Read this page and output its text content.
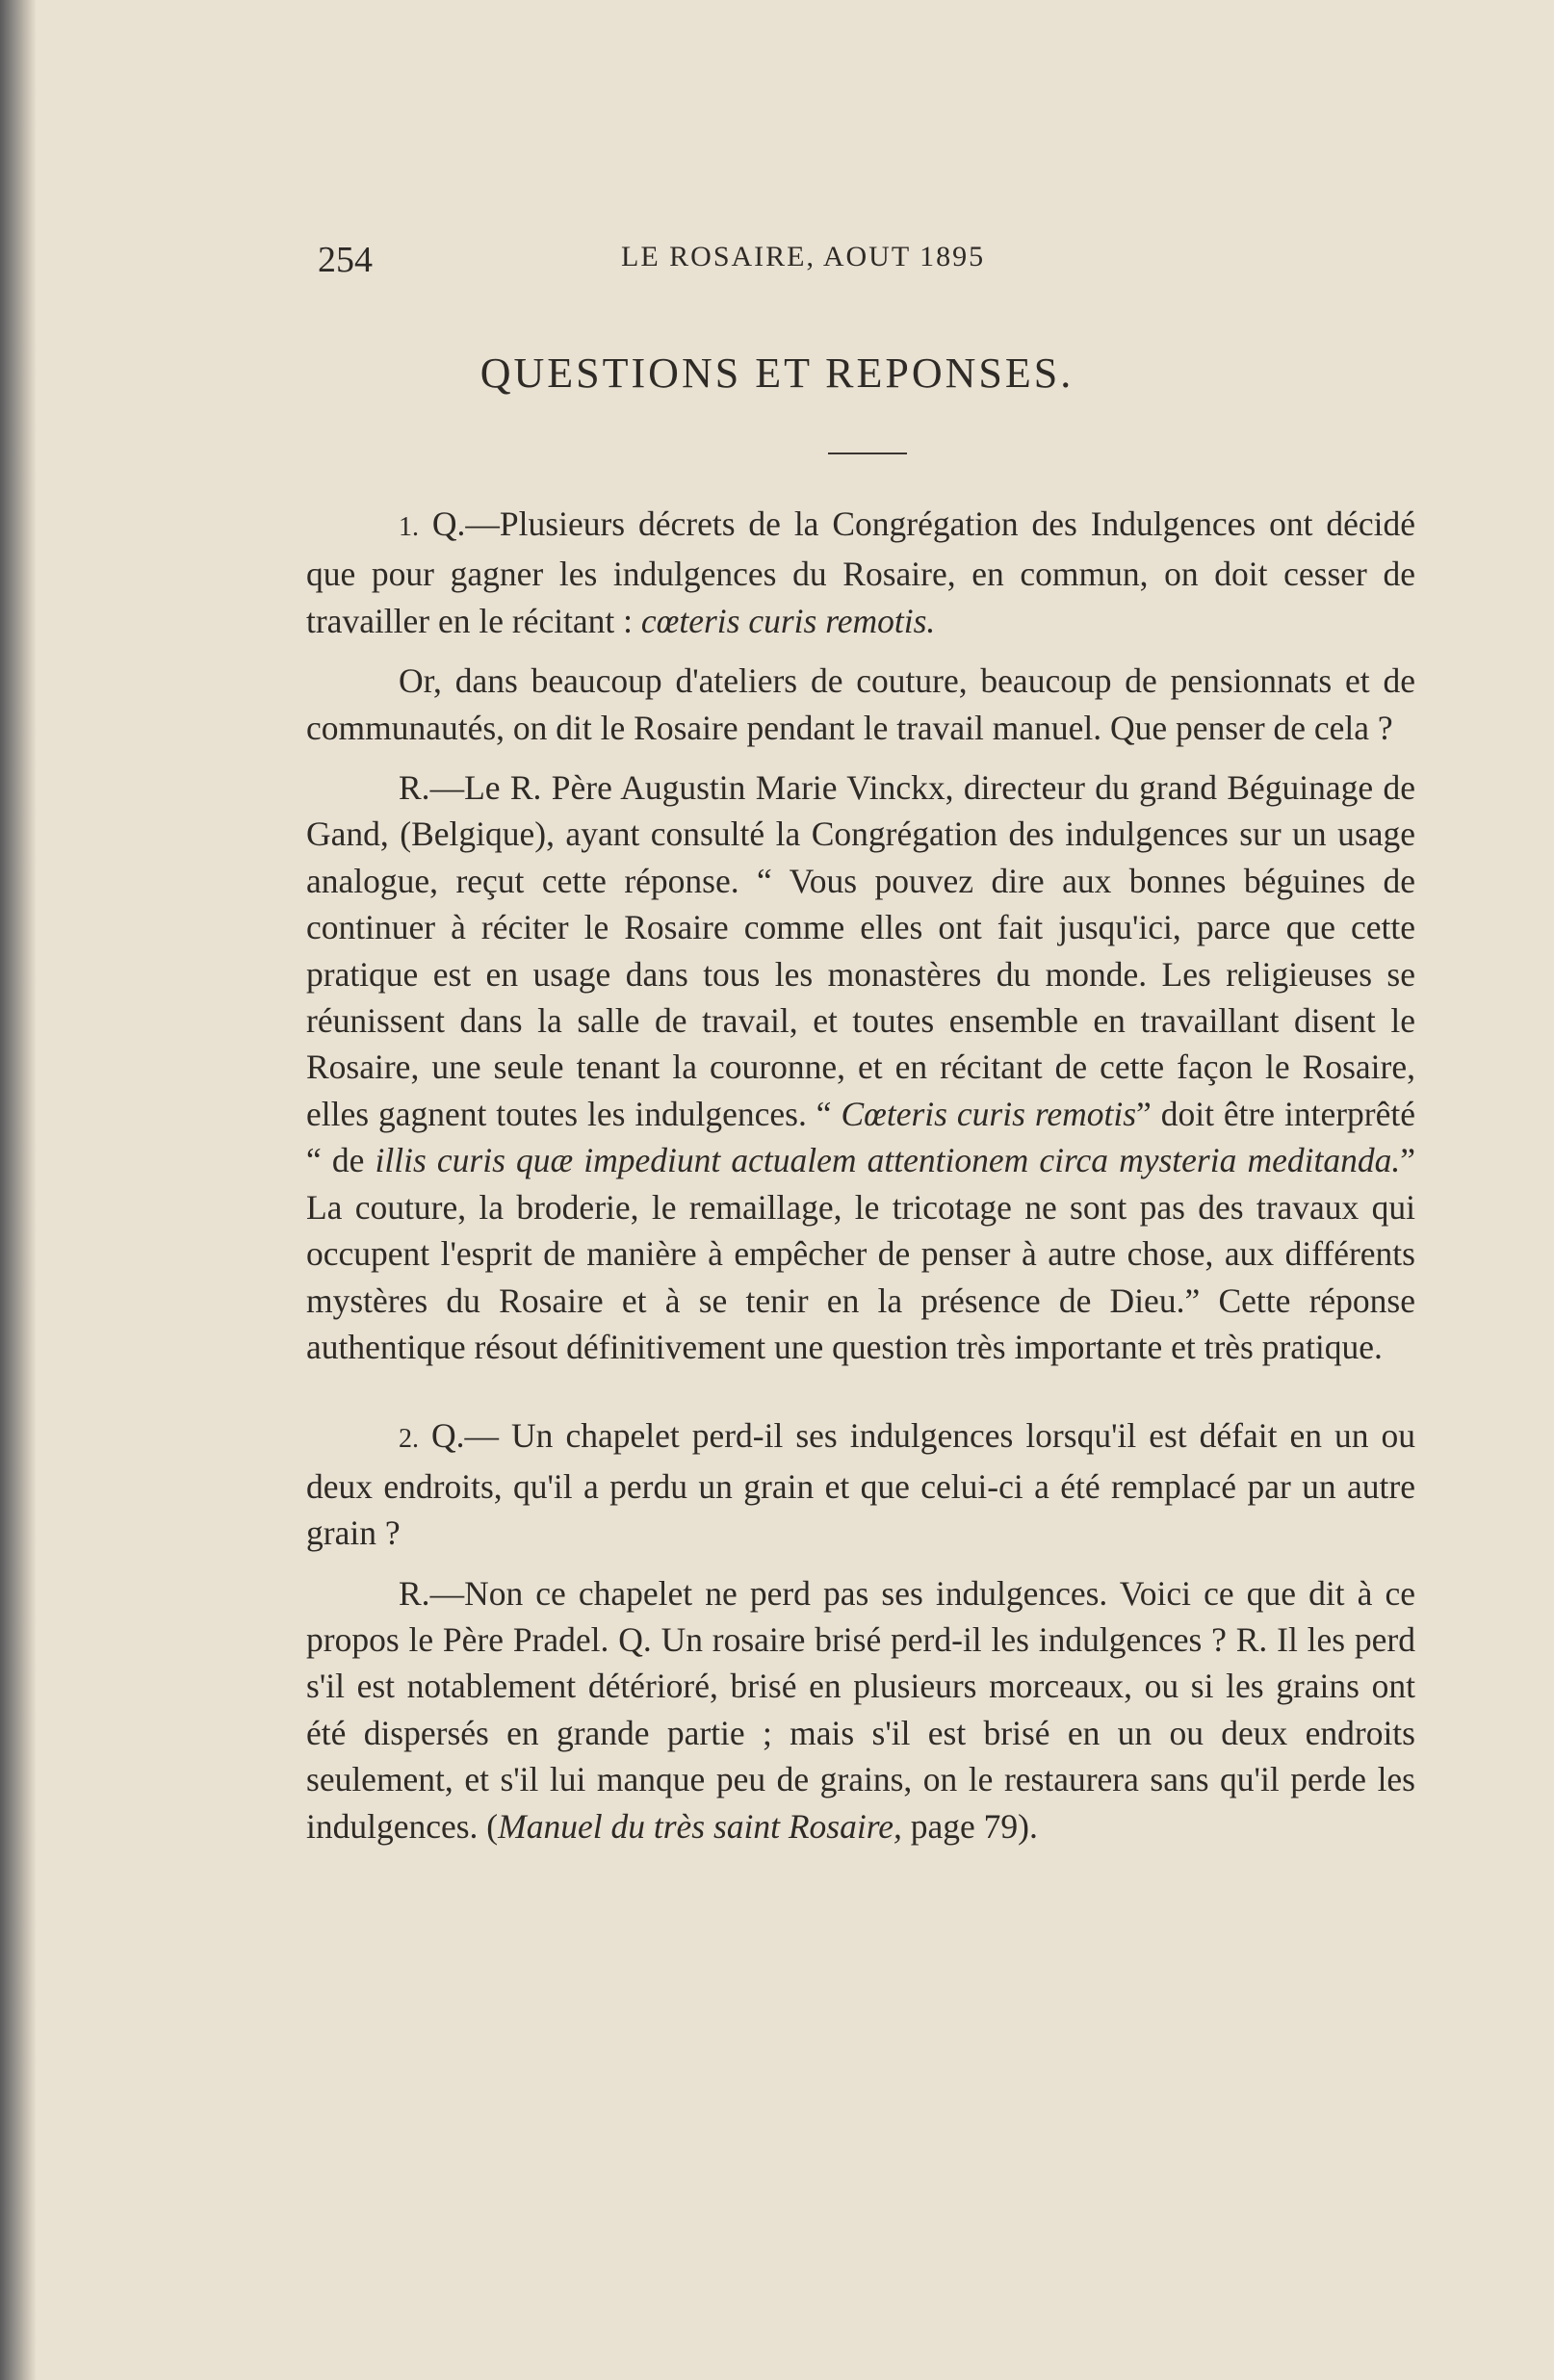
254	LE ROSAIRE, AOUT 1895
QUESTIONS ET REPONSES.

1. Q.—Plusieurs décrets de la Congrégation des Indulgences ont décidé que pour gagner les indulgences du Rosaire, en commun, on doit cesser de travailler en le récitant : cœteris curis remotis.

Or, dans beaucoup d'ateliers de couture, beaucoup de pensionnats et de communautés, on dit le Rosaire pendant le travail manuel. Que penser de cela ?

R.—Le R. Père Augustin Marie Vinckx, directeur du grand Béguinage de Gand, (Belgique), ayant consulté la Congrégation des indulgences sur un usage analogue, reçut cette réponse. “ Vous pouvez dire aux bonnes béguines de continuer à réciter le Rosaire comme elles ont fait jusqu'ici, parce que cette pratique est en usage dans tous les monastères du monde. Les religieuses se réunissent dans la salle de travail, et toutes ensemble en travaillant disent le Rosaire, une seule tenant la couronne, et en récitant de cette façon le Rosaire, elles gagnent toutes les indulgences. “ Cœteris curis remotis” doit être interprêté “ de illis curis quæ impediunt actualem attentionem circa mysteria meditanda.” La couture, la broderie, le remaillage, le tricotage ne sont pas des travaux qui occupent l'esprit de manière à empêcher de penser à autre chose, aux différents mystères du Rosaire et à se tenir en la présence de Dieu.” Cette réponse authentique résout définitivement une question très importante et très pratique.

2. Q.— Un chapelet perd-il ses indulgences lorsqu'il est défait en un ou deux endroits, qu'il a perdu un grain et que celui-ci a été remplacé par un autre grain ?

R.—Non ce chapelet ne perd pas ses indulgences. Voici ce que dit à ce propos le Père Pradel. Q. Un rosaire brisé perd-il les indulgences ? R. Il les perd s'il est notablement détérioré, brisé en plusieurs morceaux, ou si les grains ont été dispersés en grande partie ; mais s'il est brisé en un ou deux endroits seulement, et s'il lui manque peu de grains, on le restaurera sans qu'il perde les indulgences. (Manuel du très saint Rosaire, page 79).
